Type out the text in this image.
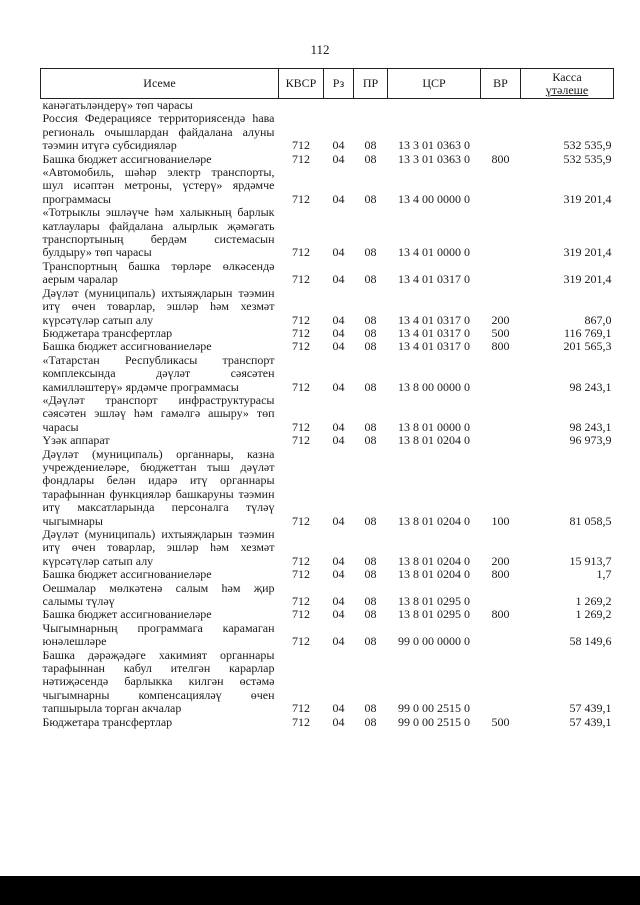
112
Исеме	КВСР	Рз	ПР	ЦСР	ВР	Касса
үтәлеше
канәгатьләндерү» төп чарасы						
Россия Федерациясе территориясендә һава региональ очышлардан файдалана алуны тәэмин итүгә субсидияләр	712	04	08	13 3 01 0363 0		532 535,9
Башка бюджет ассигнованиеләре	712	04	08	13 3 01 0363 0	800	532 535,9
«Автомобиль, шәһәр электр транспорты, шул исәптән метроны, үстерү» ярдәмче программасы	712	04	08	13 4 00 0000 0		319 201,4
«Тотрыклы эшләүче һәм халыкның барлык катлаулары файдалана алырлык җәмәгать транспортының бердәм системасын булдыру» төп чарасы	712	04	08	13 4 01 0000 0		319 201,4
Транспортның башка төрләре өлкәсендә аерым чаралар	712	04	08	13 4 01 0317 0		319 201,4
Дәүләт (муниципаль) ихтыяҗларын тәэмин итү өчен товарлар, эшләр һәм хезмәт күрсәтүләр сатып алу	712	04	08	13 4 01 0317 0	200	867,0
Бюджетара трансфертлар	712	04	08	13 4 01 0317 0	500	116 769,1
Башка бюджет ассигнованиеләре	712	04	08	13 4 01 0317 0	800	201 565,3
«Татарстан Республикасы транспорт комплексында дәүләт сәясәтен камилләштерү» ярдәмче программасы	712	04	08	13 8 00 0000 0		98 243,1
«Дәүләт транспорт инфраструктурасы сәясәтен эшләү һәм гамәлгә ашыру» төп чарасы	712	04	08	13 8 01 0000 0		98 243,1
Үзәк аппарат	712	04	08	13 8 01 0204 0		96 973,9
Дәүләт (муниципаль) органнары, казна учреждениеләре, бюджеттан тыш дәүләт фондлары белән идарә итү органнары тарафыннан функцияләр башкаруны тәэмин итү максатларында персоналга түләү чыгымнары	712	04	08	13 8 01 0204 0	100	81 058,5
Дәүләт (муниципаль) ихтыяҗларын тәэмин итү өчен товарлар, эшләр һәм хезмәт күрсәтүләр сатып алу	712	04	08	13 8 01 0204 0	200	15 913,7
Башка бюджет ассигнованиеләре	712	04	08	13 8 01 0204 0	800	1,7
Оешмалар мөлкәтенә салым һәм җир салымы түләү	712	04	08	13 8 01 0295 0		1 269,2
Башка бюджет ассигнованиеләре	712	04	08	13 8 01 0295 0	800	1 269,2
Чыгымнарның программага карамаган юнәлешләре	712	04	08	99 0 00 0000 0		58 149,6
Башка дәрәҗәдәге хакимият органнары тарафыннан кабул ителгән карарлар нәтиҗәсендә барлыкка килгән өстәмә чыгымнарны компенсацияләү өчен тапшырыла торган акчалар	712	04	08	99 0 00 2515 0		57 439,1
Бюджетара трансфертлар	712	04	08	99 0 00 2515 0	500	57 439,1
